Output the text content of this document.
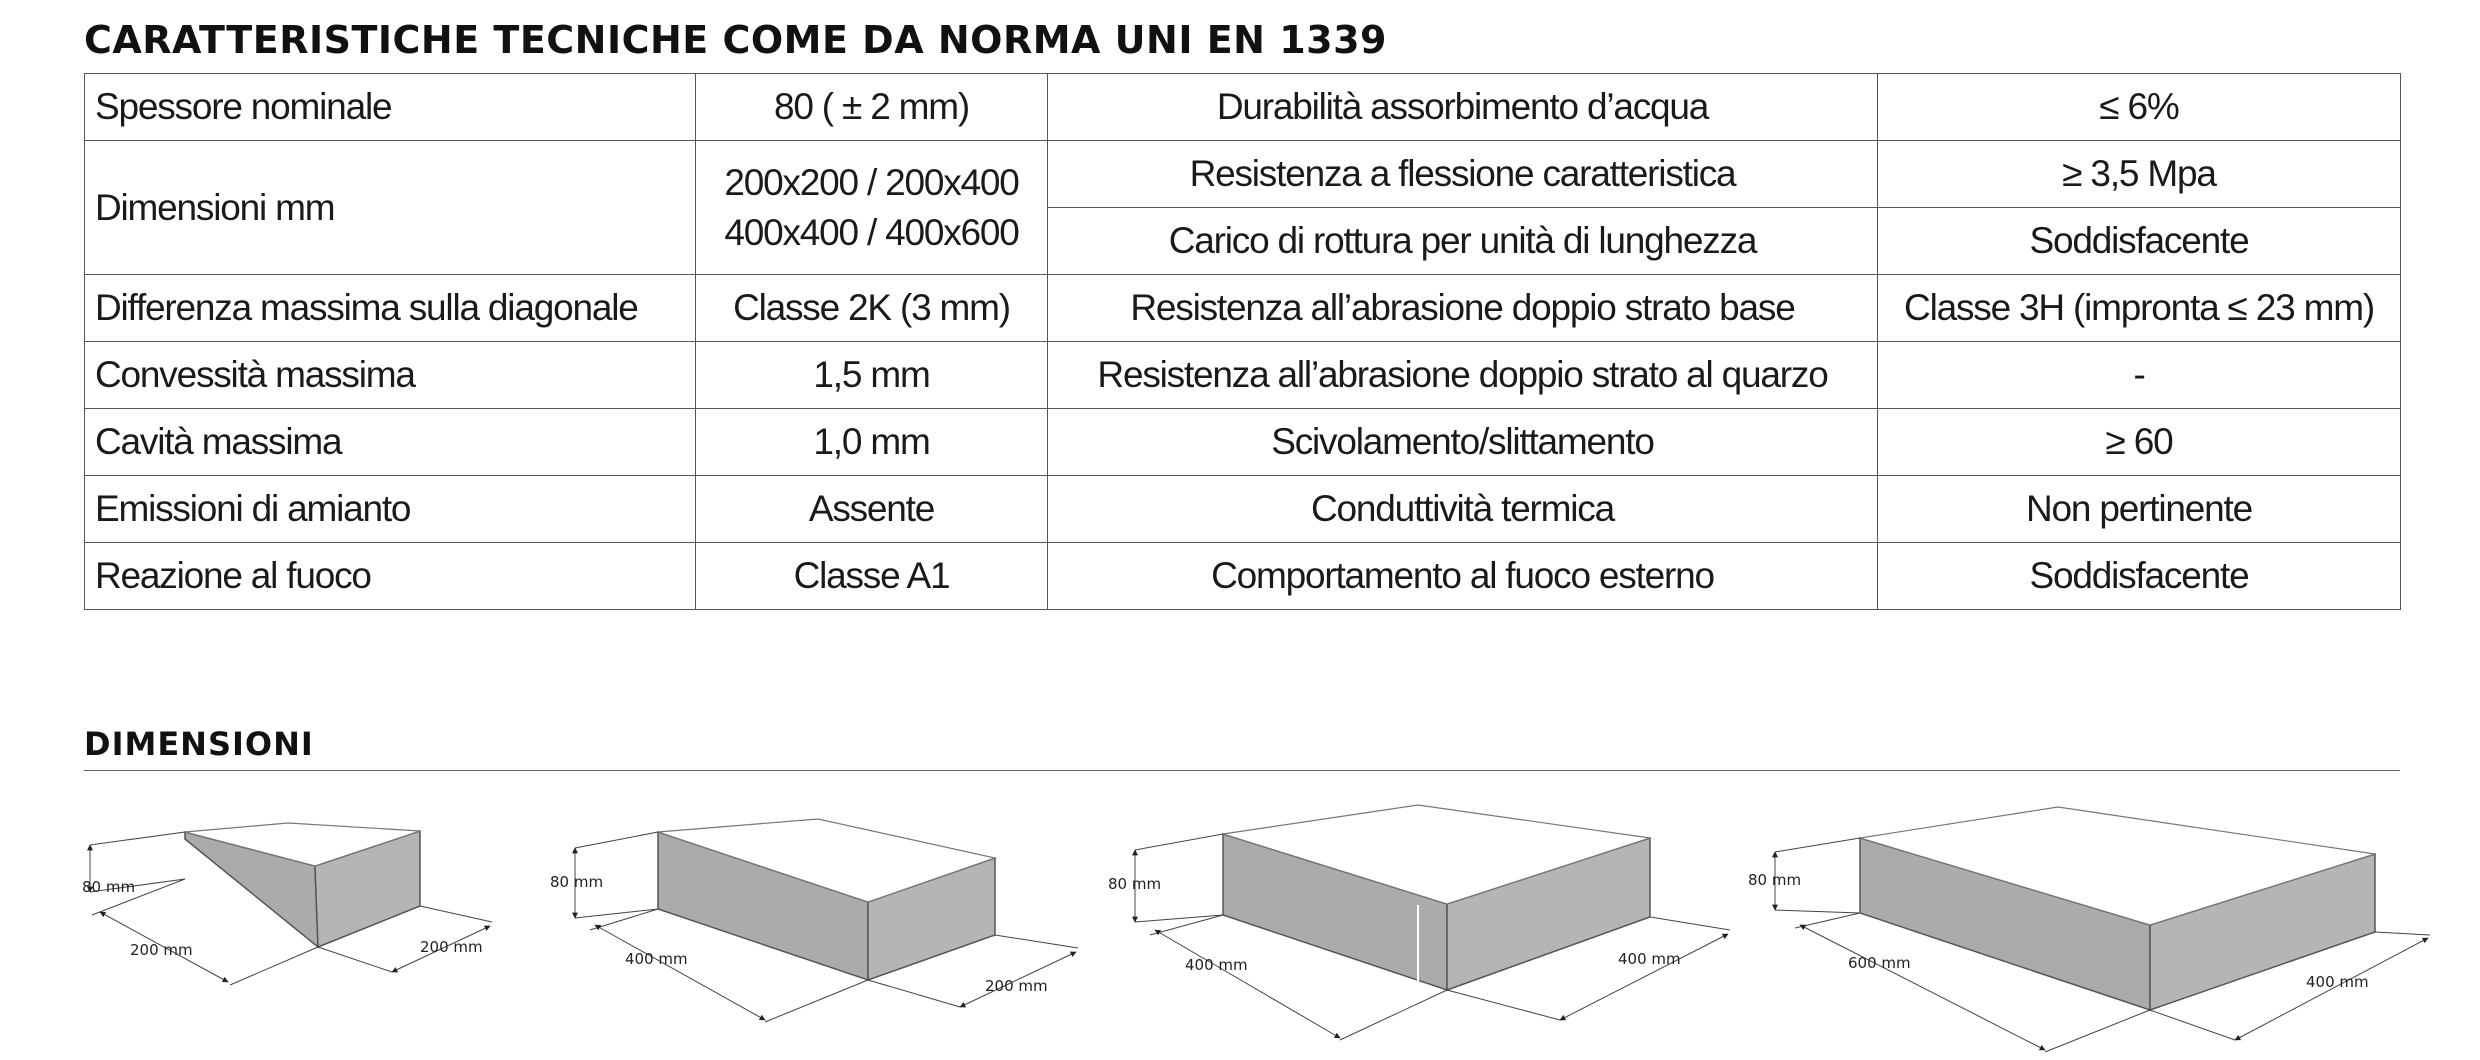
CARATTERISTICHE TECNICHE COME DA NORMA UNI EN 1339
Spessore nominale	80 ( ± 2 mm)	Durabilità assorbimento d’acqua	≤ 6%
Dimensioni mm	200x200 / 200x400
400x400 / 400x600	Resistenza a flessione caratteristica	≥ 3,5 Mpa
		Carico di rottura per unità di lunghezza	Soddisfacente
Differenza massima sulla diagonale	Classe 2K (3 mm)	Resistenza all’abrasione doppio strato base	Classe 3H (impronta ≤ 23 mm)
Convessità massima	1,5 mm	Resistenza all’abrasione doppio strato al quarzo	-
Cavità massima	1,0 mm	Scivolamento/slittamento	≥ 60
Emissioni di amianto	Assente	Conduttività termica	Non pertinente
Reazione al fuoco	Classe A1	Comportamento al fuoco esterno	Soddisfacente
DIMENSIONI
80 mm
200 mm	200 mm
80 mm
400 mm
200 mm
80 mm
400 mm	400 mm
80 mm
600 mm
400 mm
